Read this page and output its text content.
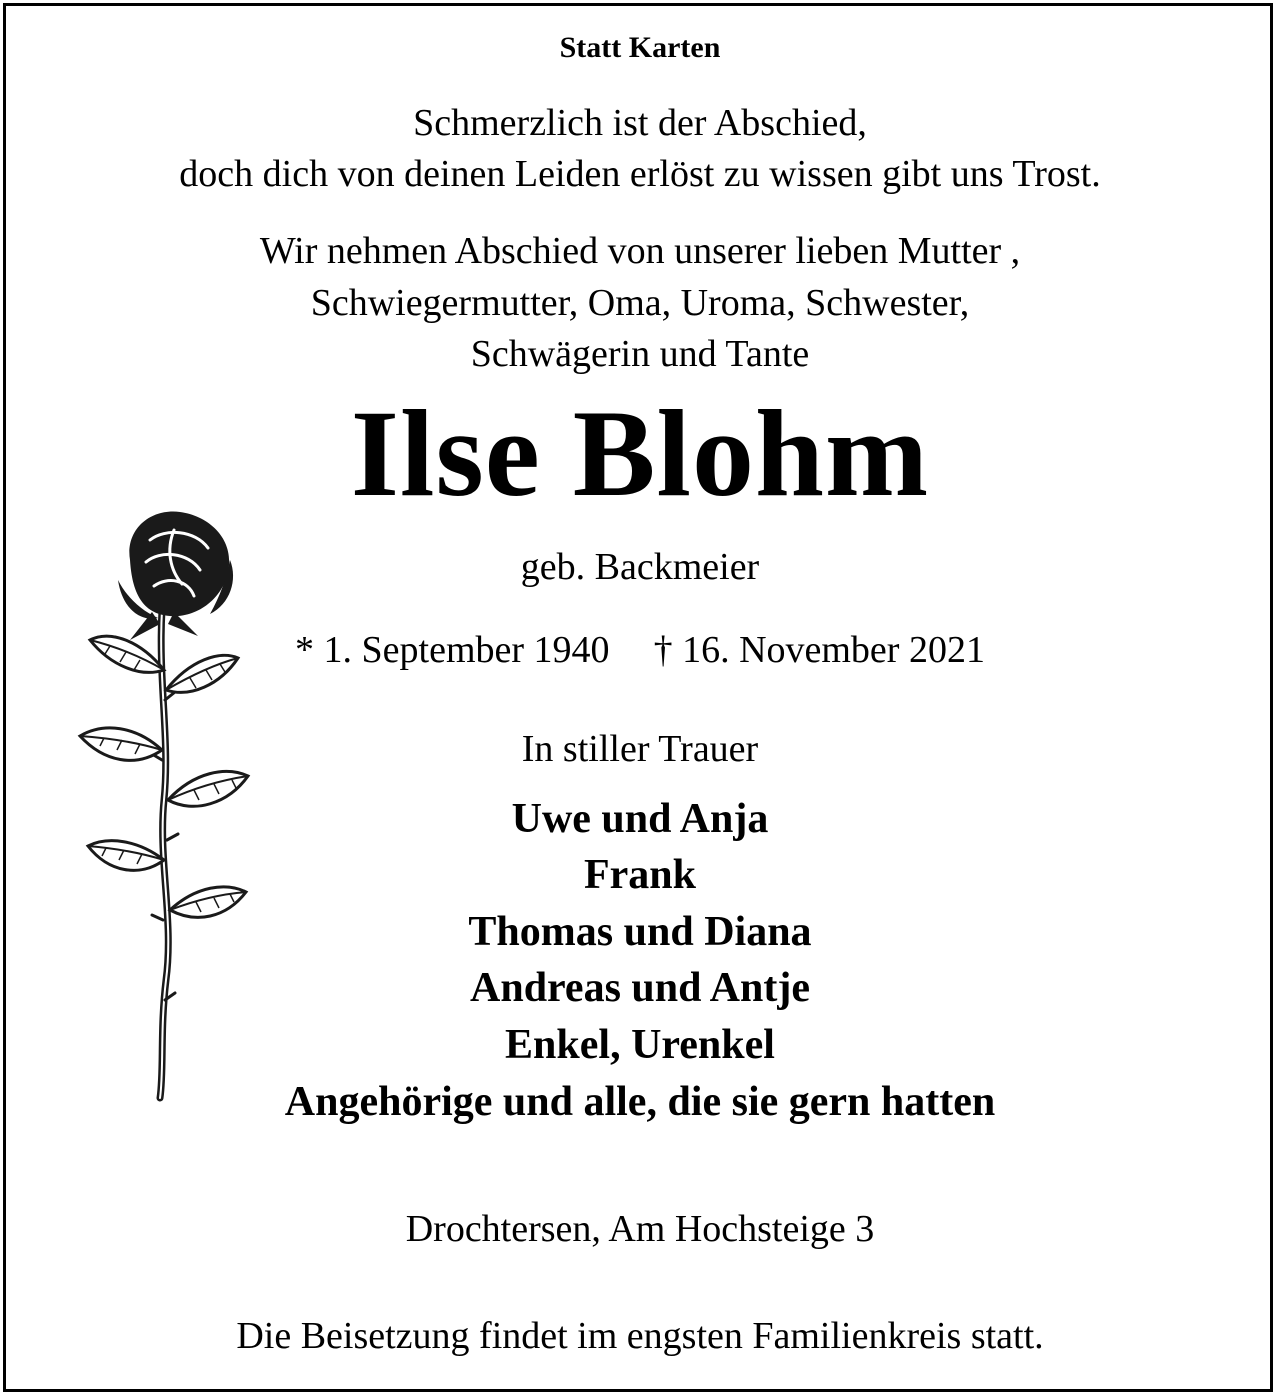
Statt Karten
Schmerzlich ist der Abschied,
doch dich von deinen Leiden erlöst zu wissen gibt uns Trost.
Wir nehmen Abschied von unserer lieben Mutter ,
Schwiegermutter, Oma, Uroma, Schwester,
Schwägerin und Tante
Ilse Blohm
geb. Backmeier
* 1. September 1940 † 16. November 2021
In stiller Trauer
Uwe und Anja
Frank
Thomas und Diana
Andreas und Antje
Enkel, Urenkel
Angehörige und alle, die sie gern hatten
Drochtersen, Am Hochsteige 3
Die Beisetzung findet im engsten Familienkreis statt.
